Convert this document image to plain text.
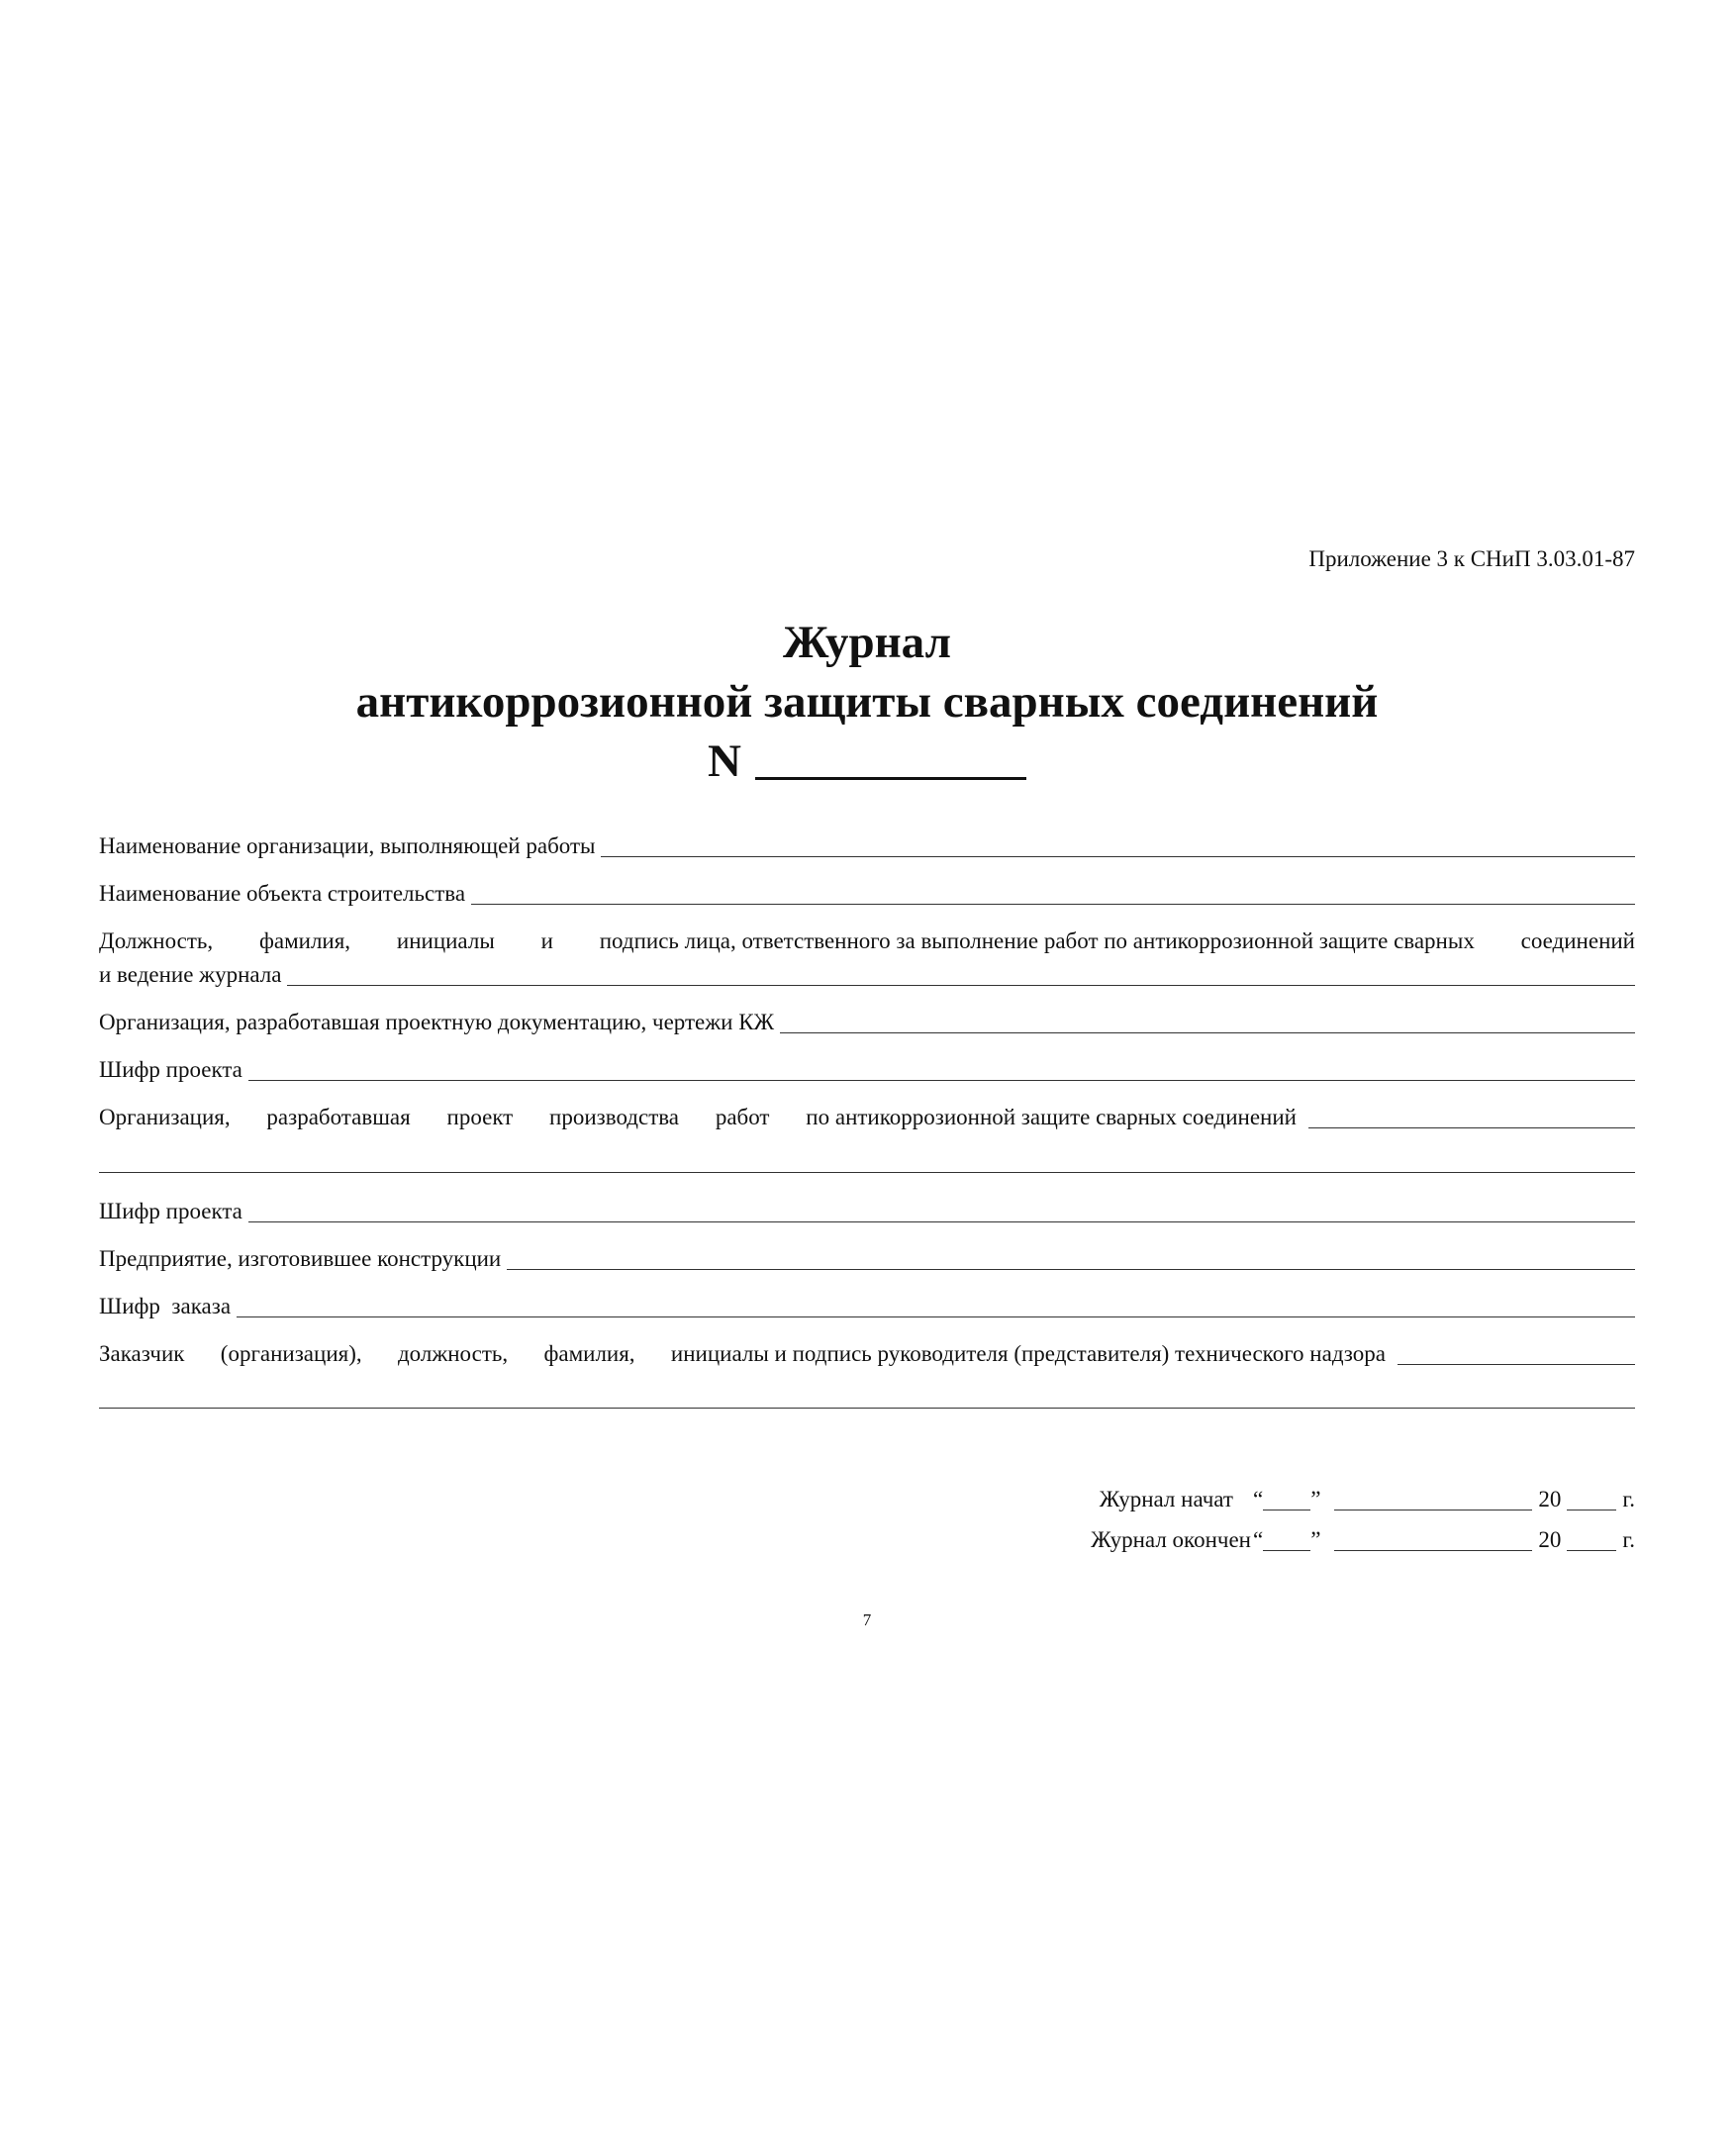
Приложение 3 к СНиП 3.03.01-87
Журнал
антикоррозионной защиты сварных соединений
N
Наименование организации, выполняющей работы
Наименование объекта строительства
Должность, фамилия, инициалы и подпись лица, ответственного за выполнение работ по антикоррозионной защите сварных соединений
и ведение журнала
Организация, разработавшая проектную документацию, чертежи КЖ
Шифр проекта
Организация, разработавшая проект производства работ по антикоррозионной защите сварных соединений
Шифр проекта
Предприятие, изготовившее конструкции
Шифр  заказа
Заказчик (организация), должность, фамилия, инициалы и подпись руководителя (представителя) технического надзора
Журнал начат “ ”	20	г.
Журнал окончен “ ”	20	г.
7
